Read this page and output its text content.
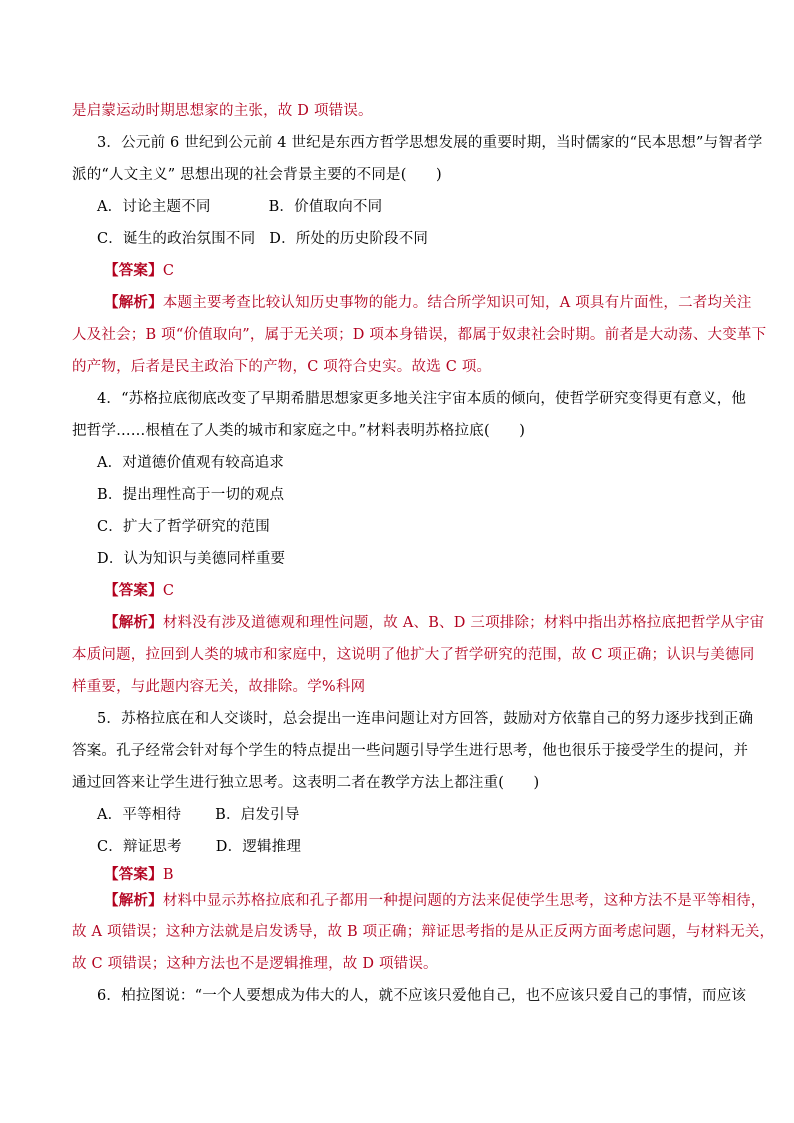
是启蒙运动时期思想家的主张，故 D 项错误。
3．公元前 6 世纪到公元前 4 世纪是东西方哲学思想发展的重要时期，当时儒家的“民本思想”与智者学
派的“人文主义” 思想出现的社会背景主要的不同是(　　)
A．讨论主题不同	B．价值取向不同
C．诞生的政治氛围不同 D．所处的历史阶段不同
【答案】C
【解析】本题主要考查比较认知历史事物的能力。结合所学知识可知，A 项具有片面性，二者均关注
人及社会；B 项“价值取向”，属于无关项；D 项本身错误，都属于奴隶社会时期。前者是大动荡、大变革下
的产物，后者是民主政治下的产物，C 项符合史实。故选 C 项。
4．“苏格拉底彻底改变了早期希腊思想家更多地关注宇宙本质的倾向，使哲学研究变得更有意义，他
把哲学……根植在了人类的城市和家庭之中。”材料表明苏格拉底(　　)
A．对道德价值观有较高追求
B．提出理性高于一切的观点
C．扩大了哲学研究的范围
D．认为知识与美德同样重要
【答案】C
【解析】材料没有涉及道德观和理性问题，故 A、B、D 三项排除；材料中指出苏格拉底把哲学从宇宙
本质问题，拉回到人类的城市和家庭中，这说明了他扩大了哲学研究的范围，故 C 项正确；认识与美德同
样重要，与此题内容无关，故排除。学%科网
5．苏格拉底在和人交谈时，总会提出一连串问题让对方回答，鼓励对方依靠自己的努力逐步找到正确
答案。孔子经常会针对每个学生的特点提出一些问题引导学生进行思考，他也很乐于接受学生的提问，并
通过回答来让学生进行独立思考。这表明二者在教学方法上都注重(　　)
A．平等相待 B．启发引导
C．辩证思考 D．逻辑推理
【答案】B
【解析】材料中显示苏格拉底和孔子都用一种提问题的方法来促使学生思考，这种方法不是平等相待，
故 A 项错误；这种方法就是启发诱导，故 B 项正确；辩证思考指的是从正反两方面考虑问题，与材料无关，
故 C 项错误；这种方法也不是逻辑推理，故 D 项错误。
6．柏拉图说：“一个人要想成为伟大的人，就不应该只爱他自己，也不应该只爱自己的事情，而应该
